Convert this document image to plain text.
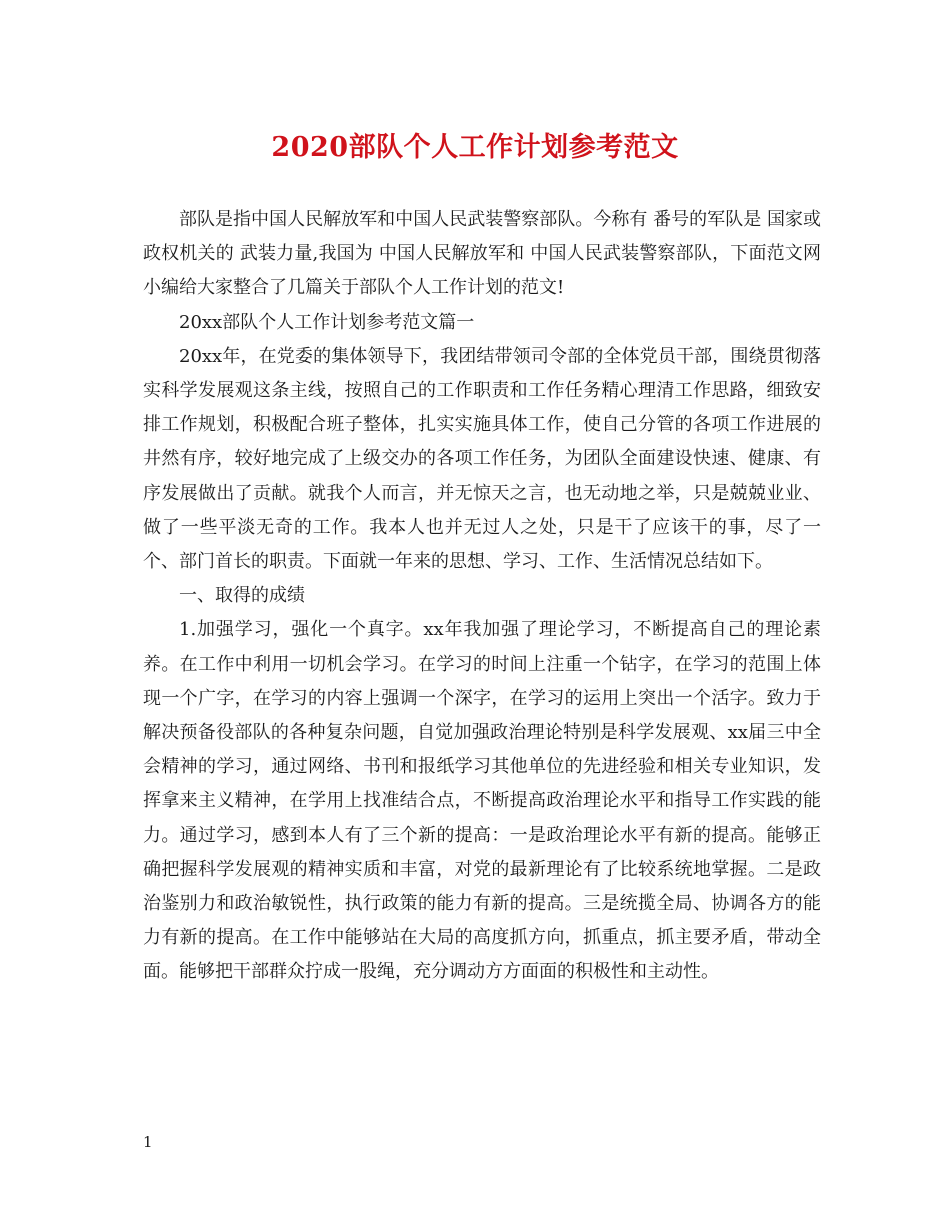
2020部队个人工作计划参考范文

部队是指中国人民解放军和中国人民武装警察部队。今称有 番号的军队是 国家或政权机关的 武装力量,我国为 中国人民解放军和 中国人民武装警察部队，下面范文网小编给大家整合了几篇关于部队个人工作计划的范文!

20xx部队个人工作计划参考范文篇一

20xx年，在党委的集体领导下，我团结带领司令部的全体党员干部，围绕贯彻落实科学发展观这条主线，按照自己的工作职责和工作任务精心理清工作思路，细致安排工作规划，积极配合班子整体，扎实实施具体工作，使自己分管的各项工作进展的井然有序，较好地完成了上级交办的各项工作任务，为团队全面建设快速、健康、有序发展做出了贡献。就我个人而言，并无惊天之言，也无动地之举，只是兢兢业业、做了一些平淡无奇的工作。我本人也并无过人之处，只是干了应该干的事，尽了一个、部门首长的职责。下面就一年来的思想、学习、工作、生活情况总结如下。

一、取得的成绩

1.加强学习，强化一个真字。xx年我加强了理论学习，不断提高自己的理论素养。在工作中利用一切机会学习。在学习的时间上注重一个钻字，在学习的范围上体现一个广字，在学习的内容上强调一个深字，在学习的运用上突出一个活字。致力于解决预备役部队的各种复杂问题，自觉加强政治理论特别是科学发展观、xx届三中全会精神的学习，通过网络、书刊和报纸学习其他单位的先进经验和相关专业知识，发挥拿来主义精神，在学用上找准结合点，不断提高政治理论水平和指导工作实践的能力。通过学习，感到本人有了三个新的提高：一是政治理论水平有新的提高。能够正确把握科学发展观的精神实质和丰富，对党的最新理论有了比较系统地掌握。二是政治鉴别力和政治敏锐性，执行政策的能力有新的提高。三是统揽全局、协调各方的能力有新的提高。在工作中能够站在大局的高度抓方向，抓重点，抓主要矛盾，带动全面。能够把干部群众拧成一股绳，充分调动方方面面的积极性和主动性。

1
